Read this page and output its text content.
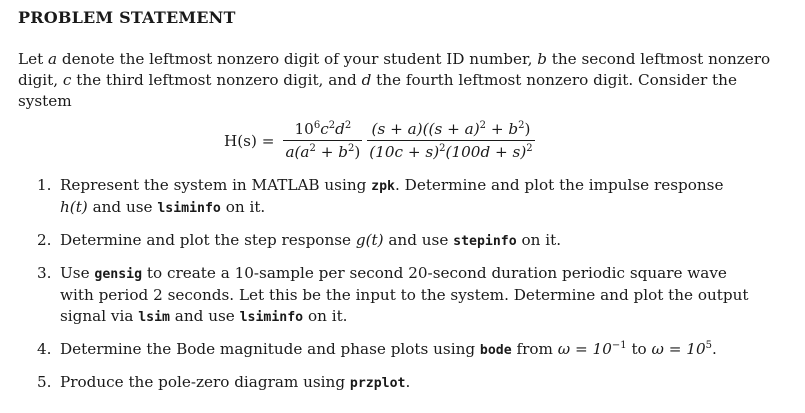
PROBLEM STATEMENT

Let a denote the leftmost nonzero digit of your student ID number, b the second leftmost nonzero digit, c the third leftmost nonzero digit, and d the fourth leftmost nonzero digit. Consider the system

$H(s) = \frac{10^6c^2d^2}{a(a^2 + b^2)} \frac{(s + a)((s + a)^2 + b^2)}{(10c + s)^2(100d + s)^2}$
1. Represent the system in MATLAB using zpk. Determine and plot the impulse response h(t) and use lsiminfo on it.
2. Determine and plot the step response g(t) and use stepinfo on it.
3. Use gensig to create a 10-sample per second 20-second duration periodic square wave with period 2 seconds. Let this be the input to the system. Determine and plot the output signal via lsim and use lsiminfo on it.
4. Determine the Bode magnitude and phase plots using bode from $\omega = 10^{-1}$ to $\omega = 10^5$.
5. Produce the pole-zero diagram using przplot.
